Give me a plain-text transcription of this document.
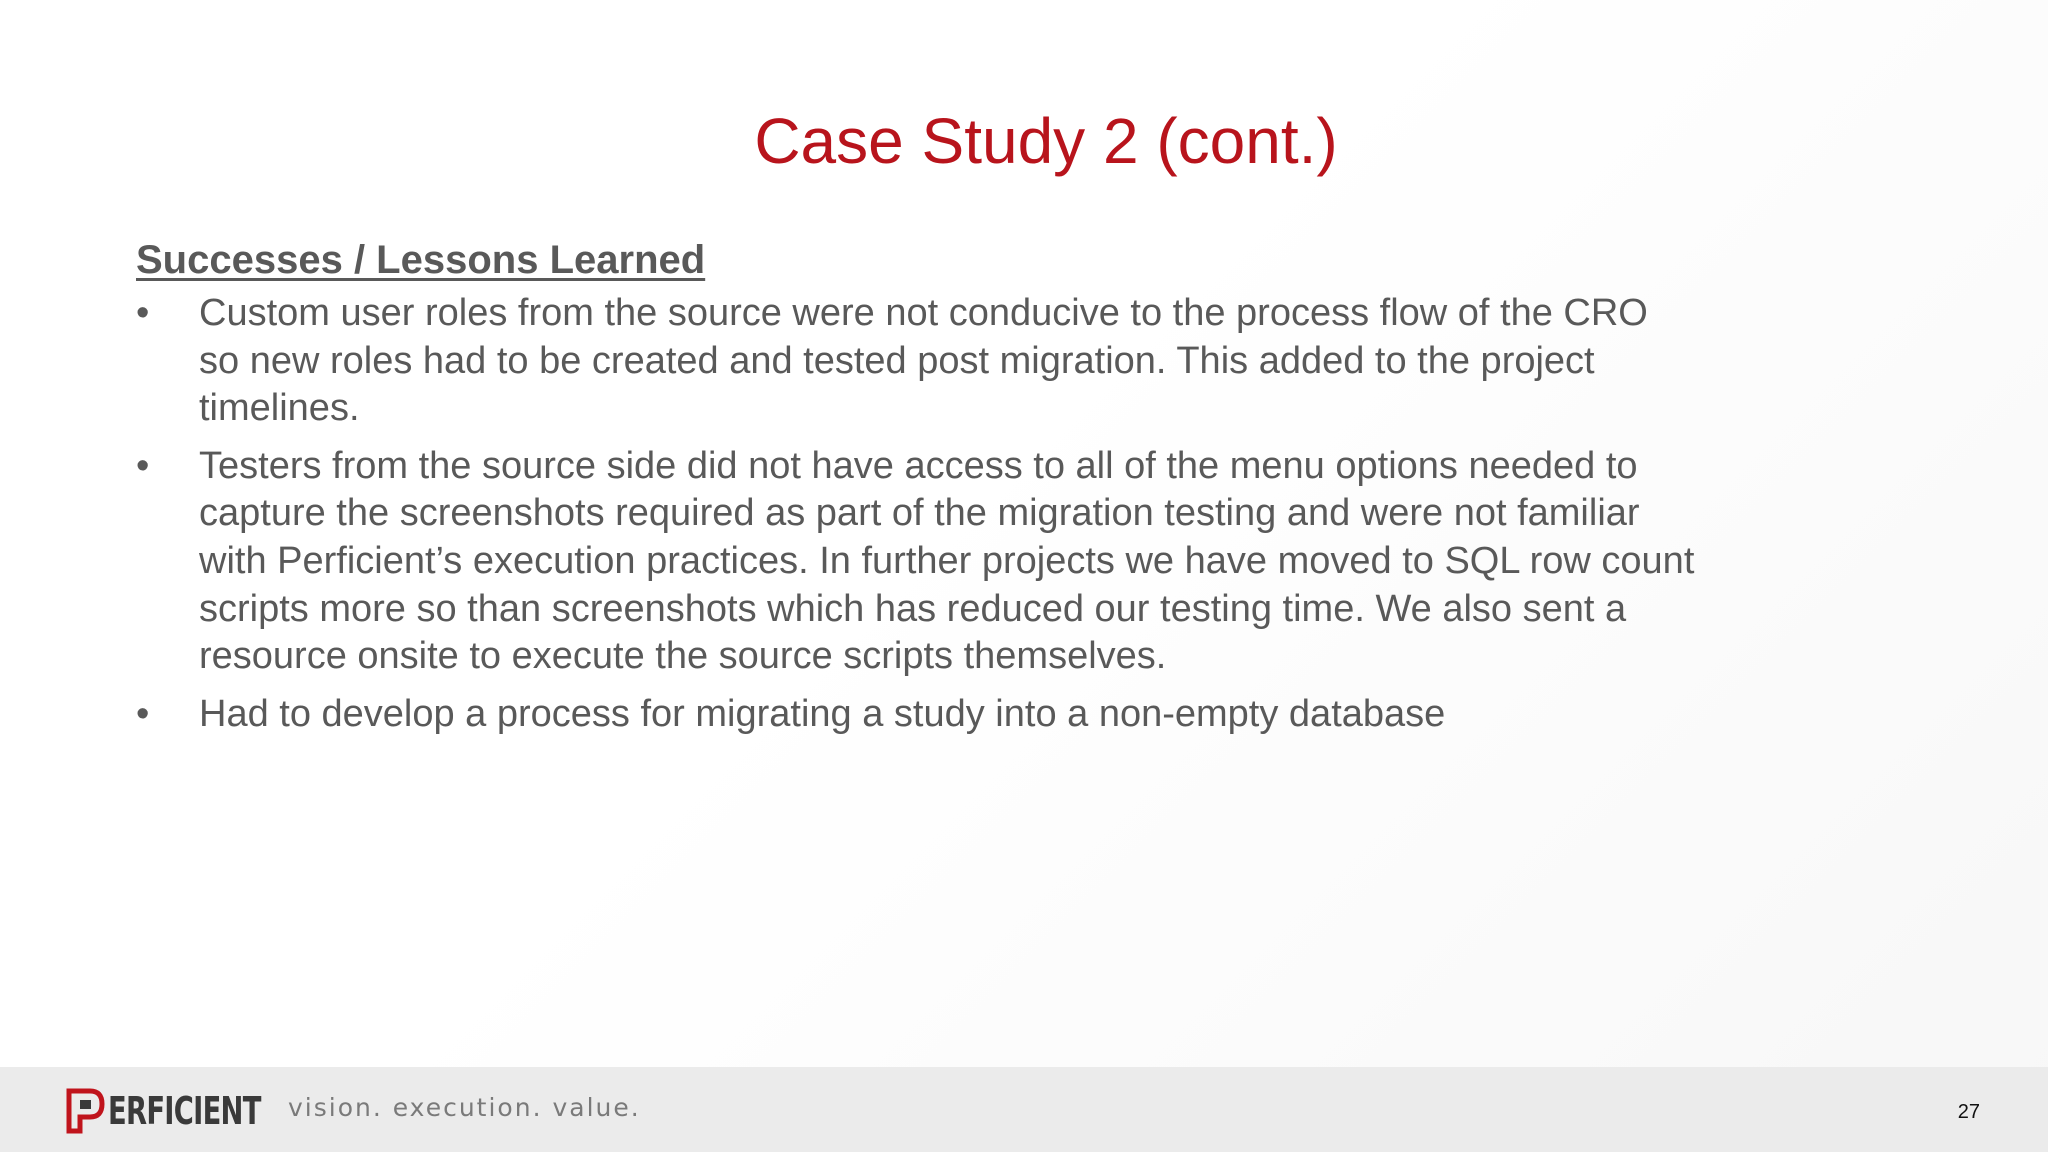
Case Study 2 (cont.)
Successes / Lessons Learned
•	Custom user roles from the source were not conducive to the process flow of the CRO so new roles had to be created and tested post migration. This added to the project timelines.
•	Testers from the source side did not have access to all of the menu options needed to capture the screenshots required as part of the migration testing and were not familiar with Perficient’s execution practices. In further projects we have moved to SQL row count scripts more so than screenshots which has reduced our testing time. We also sent a resource onsite to execute the source scripts themselves.
•	Had to develop a process for migrating a study into a non-empty database
ERFICIENT vision. execution. value.	27
